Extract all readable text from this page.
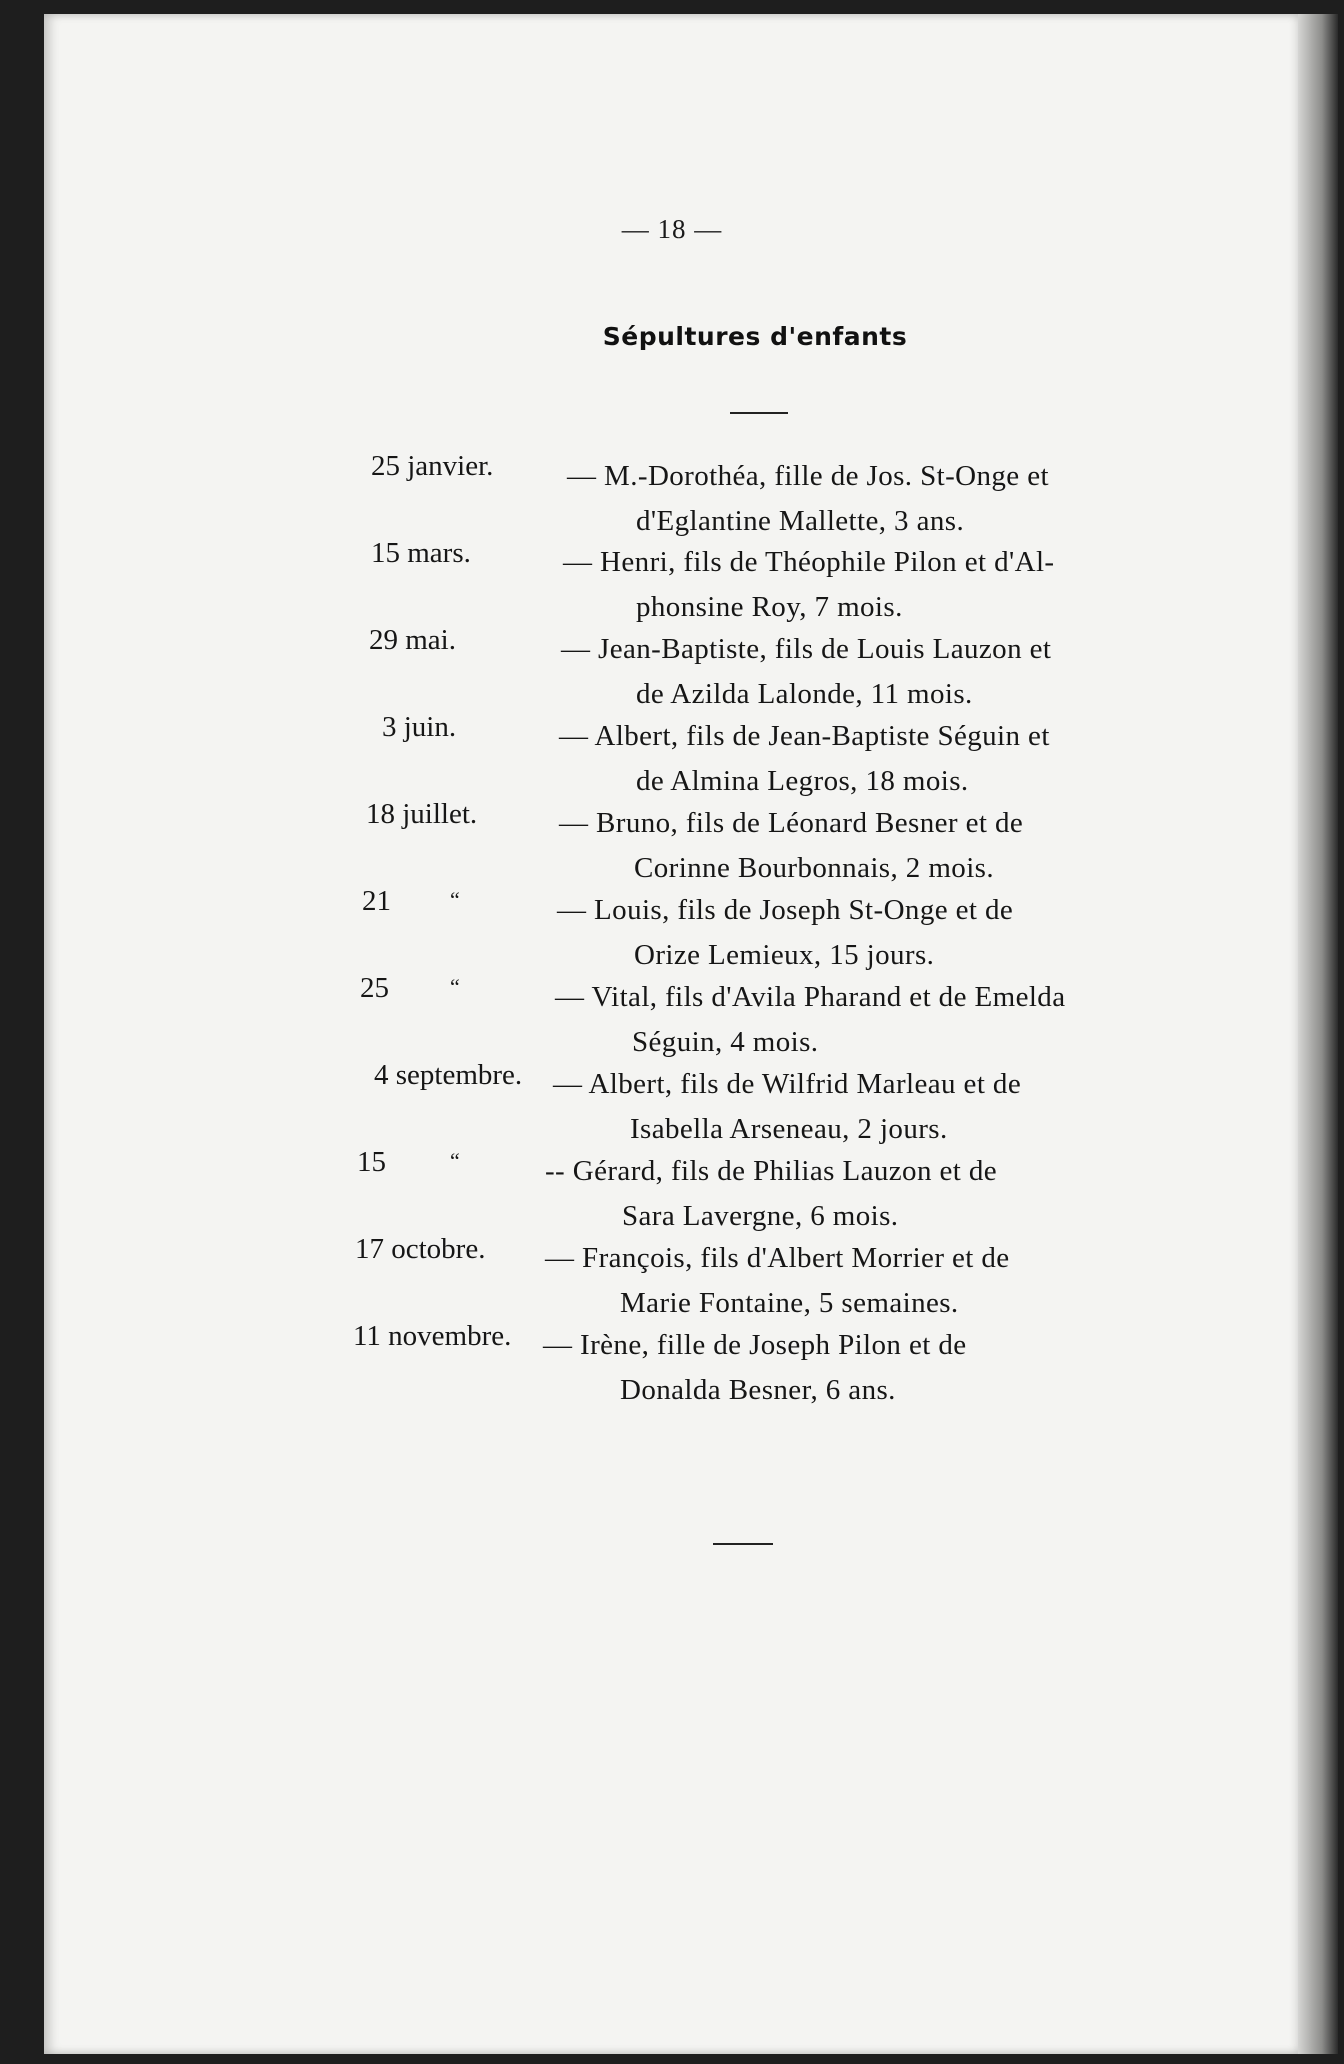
— 18 —
Sépultures d'enfants
25 janvier.	— M.-Dorothéa, fille de Jos. St-Onge et
d'Eglantine Mallette, 3 ans.
15 mars.	— Henri, fils de Théophile Pilon et d'Al-
phonsine Roy, 7 mois.
29 mai.	— Jean-Baptiste, fils de Louis Lauzon et
de Azilda Lalonde, 11 mois.
3 juin.	— Albert, fils de Jean-Baptiste Séguin et
de Almina Legros, 18 mois.
18 juillet.	— Bruno, fils de Léonard Besner et de
Corinne Bourbonnais, 2 mois.
21	“	— Louis, fils de Joseph St-Onge et de
Orize Lemieux, 15 jours.
25	“	— Vital, fils d'Avila Pharand et de Emelda
Séguin, 4 mois.
4 septembre. — Albert, fils de Wilfrid Marleau et de
Isabella Arseneau, 2 jours.
15	“	-- Gérard, fils de Philias Lauzon et de
Sara Lavergne, 6 mois.
17 octobre. — François, fils d'Albert Morrier et de
Marie Fontaine, 5 semaines.
11 novembre. — Irène, fille de Joseph Pilon et de
Donalda Besner, 6 ans.
